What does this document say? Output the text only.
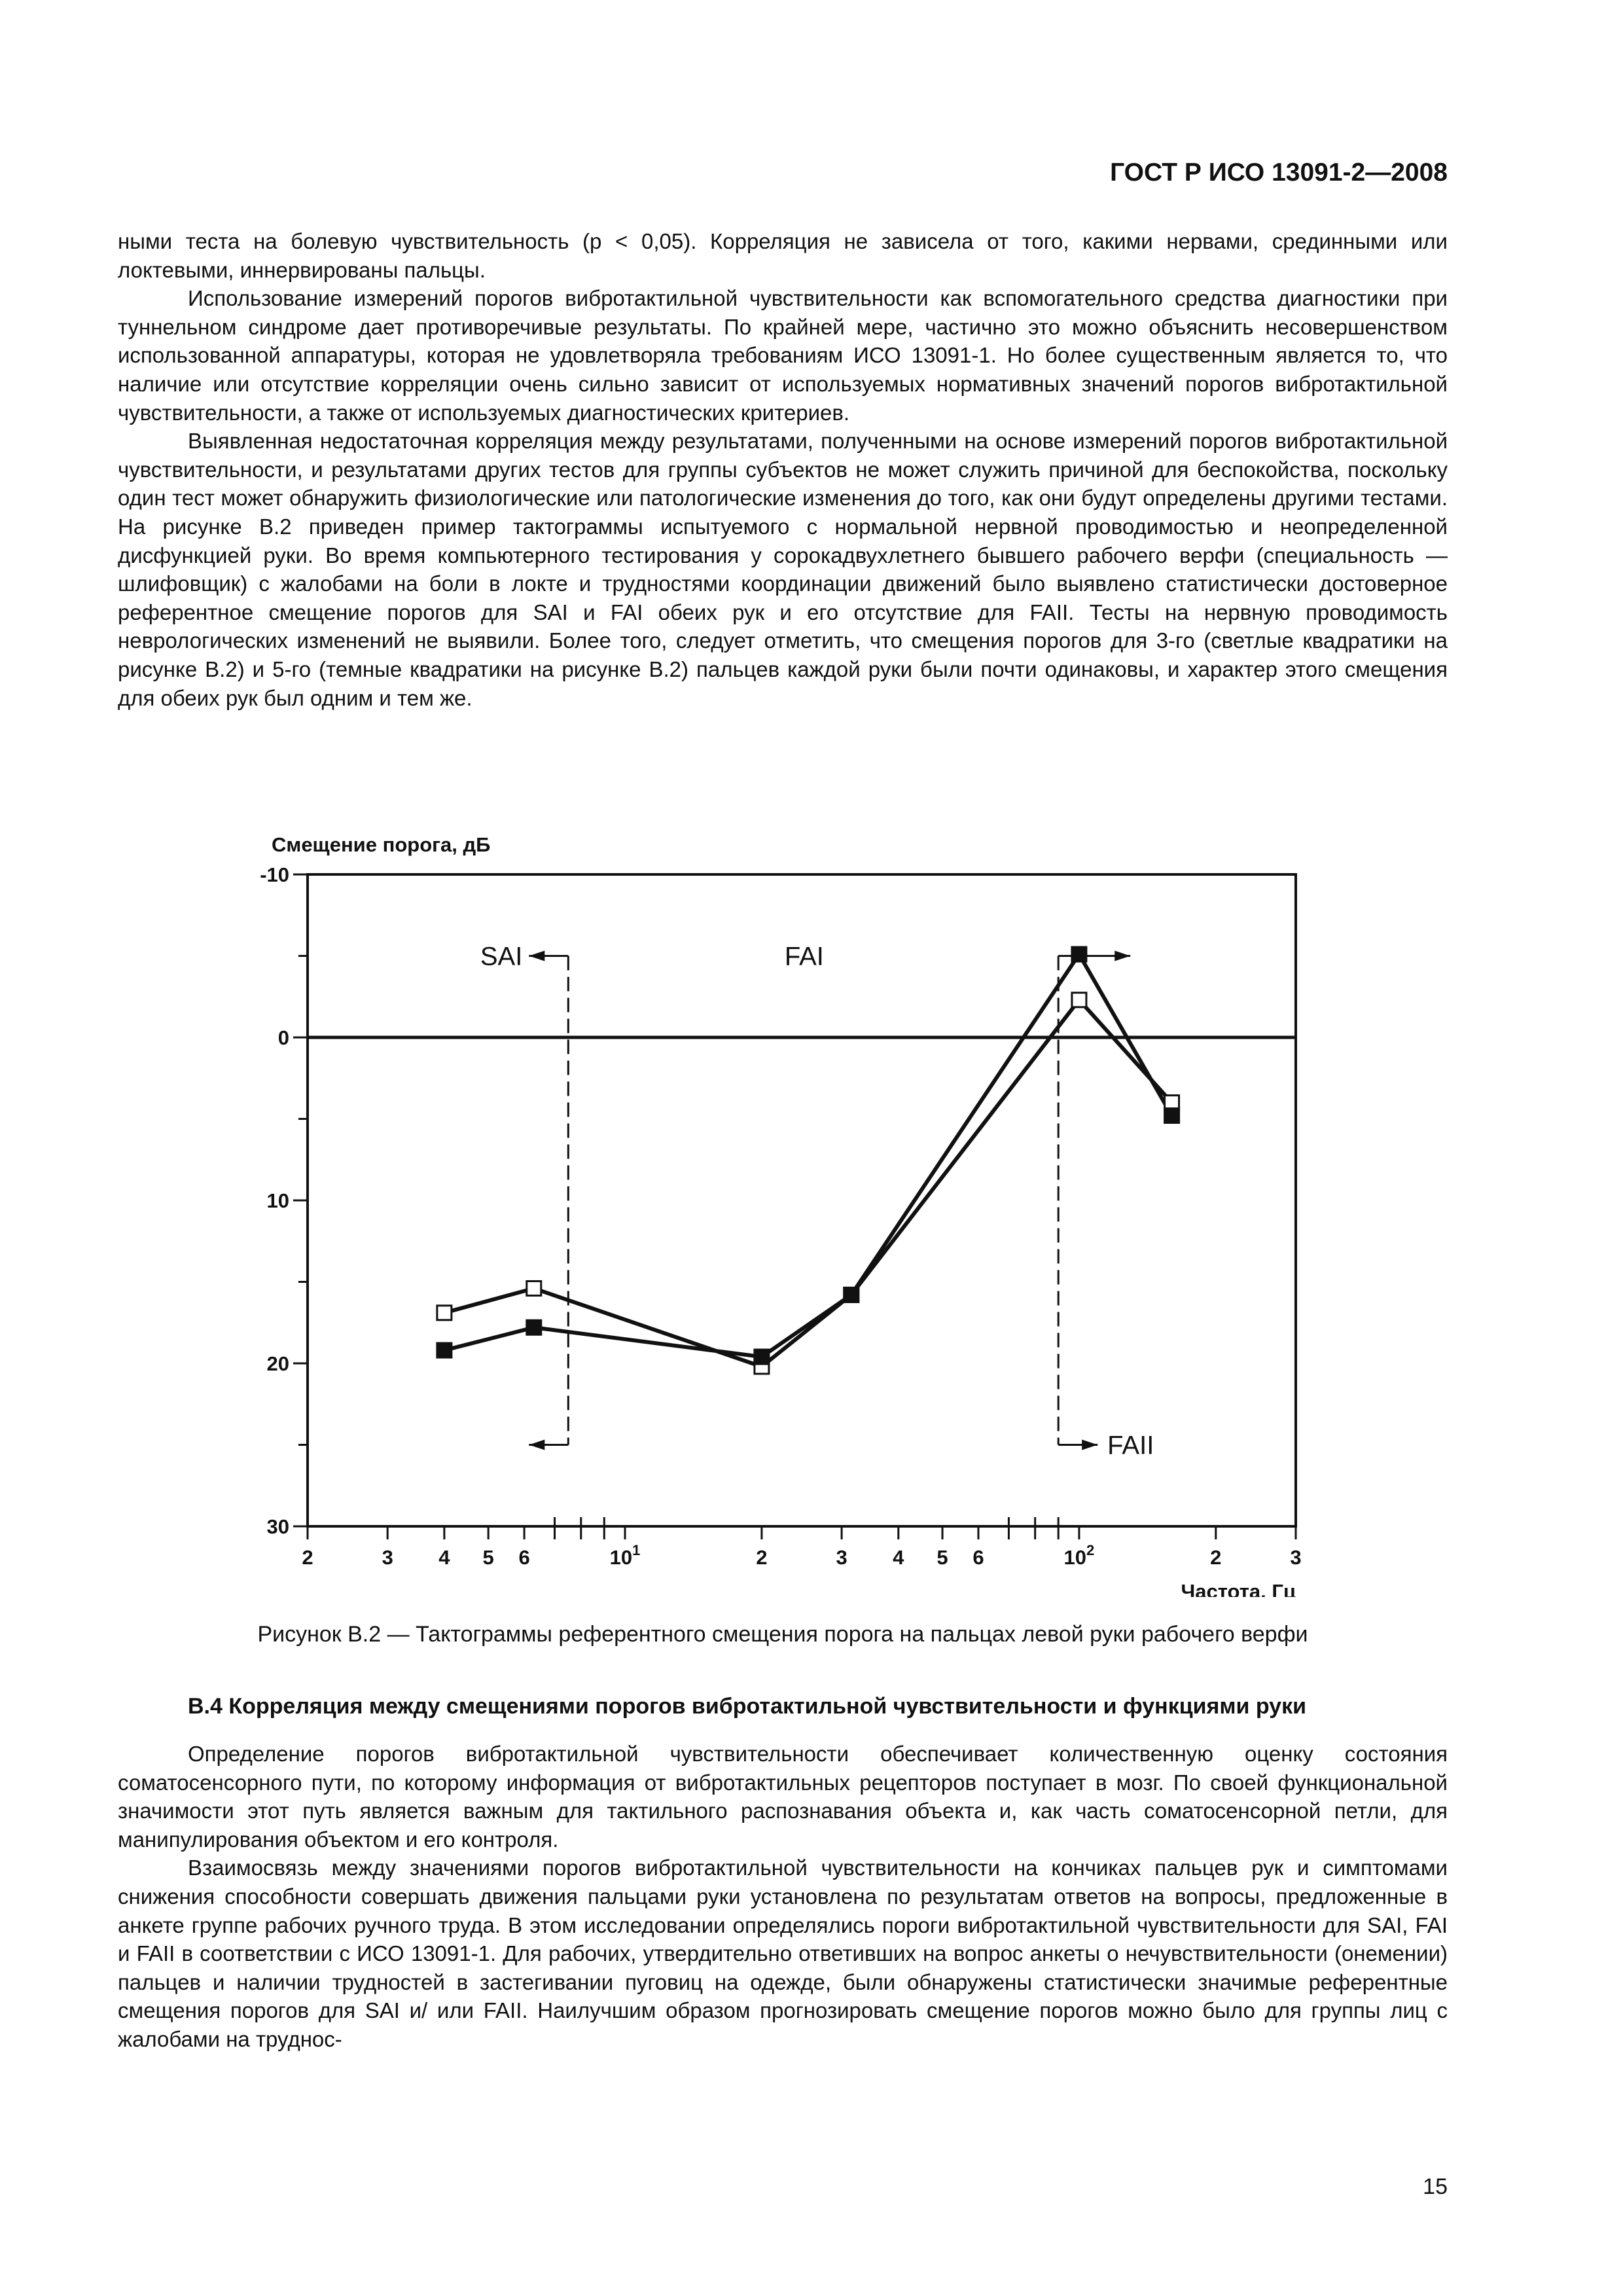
ГОСТ Р ИСО 13091-2—2008

ными теста на болевую чувствительность (p < 0,05). Корреляция не зависела от того, какими нервами, срединными или локтевыми, иннервированы пальцы.

Использование измерений порогов вибротактильной чувствительности как вспомогательного средства диагностики при туннельном синдроме дает противоречивые результаты. По крайней мере, частично это можно объяснить несовершенством использованной аппаратуры, которая не удовлетворяла требованиям ИСО 13091-1. Но более существенным является то, что наличие или отсутствие корреляции очень сильно зависит от используемых нормативных значений порогов вибротактильной чувствительности, а также от используемых диагностических критериев.

Выявленная недостаточная корреляция между результатами, полученными на основе измерений порогов вибротактильной чувствительности, и результатами других тестов для группы субъектов не может служить причиной для беспокойства, поскольку один тест может обнаружить физиологические или патологические изменения до того, как они будут определены другими тестами. На рисунке В.2 приведен пример тактограммы испытуемого с нормальной нервной проводимостью и неопределенной дисфункцией руки. Во время компьютерного тестирования у сорокадвухлетнего бывшего рабочего верфи (специальность — шлифовщик) с жалобами на боли в локте и трудностями координации движений было выявлено статистически достоверное референтное смещение порогов для SAI и FAI обеих рук и его отсутствие для FAII. Тесты на нервную проводимость неврологических изменений не выявили. Более того, следует отметить, что смещения порогов для 3-го (светлые квадратики на рисунке В.2) и 5-го (темные квадратики на рисунке В.2) пальцев каждой руки были почти одинаковы, и характер этого смещения для обеих рук был одним и тем же.

Смещение порога, дБ
-10
0
10
20
30
2	3 4 5 6	$10^1$	2	3 4 5 6	$10^2$	2	3
Частота, Гц
SAI	FAI
FAII
Рисунок В.2 — Тактограммы референтного смещения порога на пальцах левой руки рабочего верфи
В.4 Корреляция между смещениями порогов вибротактильной чувствительности и функциями руки

Определение порогов вибротактильной чувствительности обеспечивает количественную оценку состояния соматосенсорного пути, по которому информация от вибротактильных рецепторов поступает в мозг. По своей функциональной значимости этот путь является важным для тактильного распознавания объекта и, как часть соматосенсорной петли, для манипулирования объектом и его контроля.

Взаимосвязь между значениями порогов вибротактильной чувствительности на кончиках пальцев рук и симптомами снижения способности совершать движения пальцами руки установлена по результатам ответов на вопросы, предложенные в анкете группе рабочих ручного труда. В этом исследовании определялись пороги вибротактильной чувствительности для SAI, FAI и FAII в соответствии с ИСО 13091-1. Для рабочих, утвердительно ответивших на вопрос анкеты о нечувствительности (онемении) пальцев и наличии трудностей в застегивании пуговиц на одежде, были обнаружены статистически значимые референтные смещения порогов для SAI и/ или FAII. Наилучшим образом прогнозировать смещение порогов можно было для группы лиц с жалобами на труднос-

15
